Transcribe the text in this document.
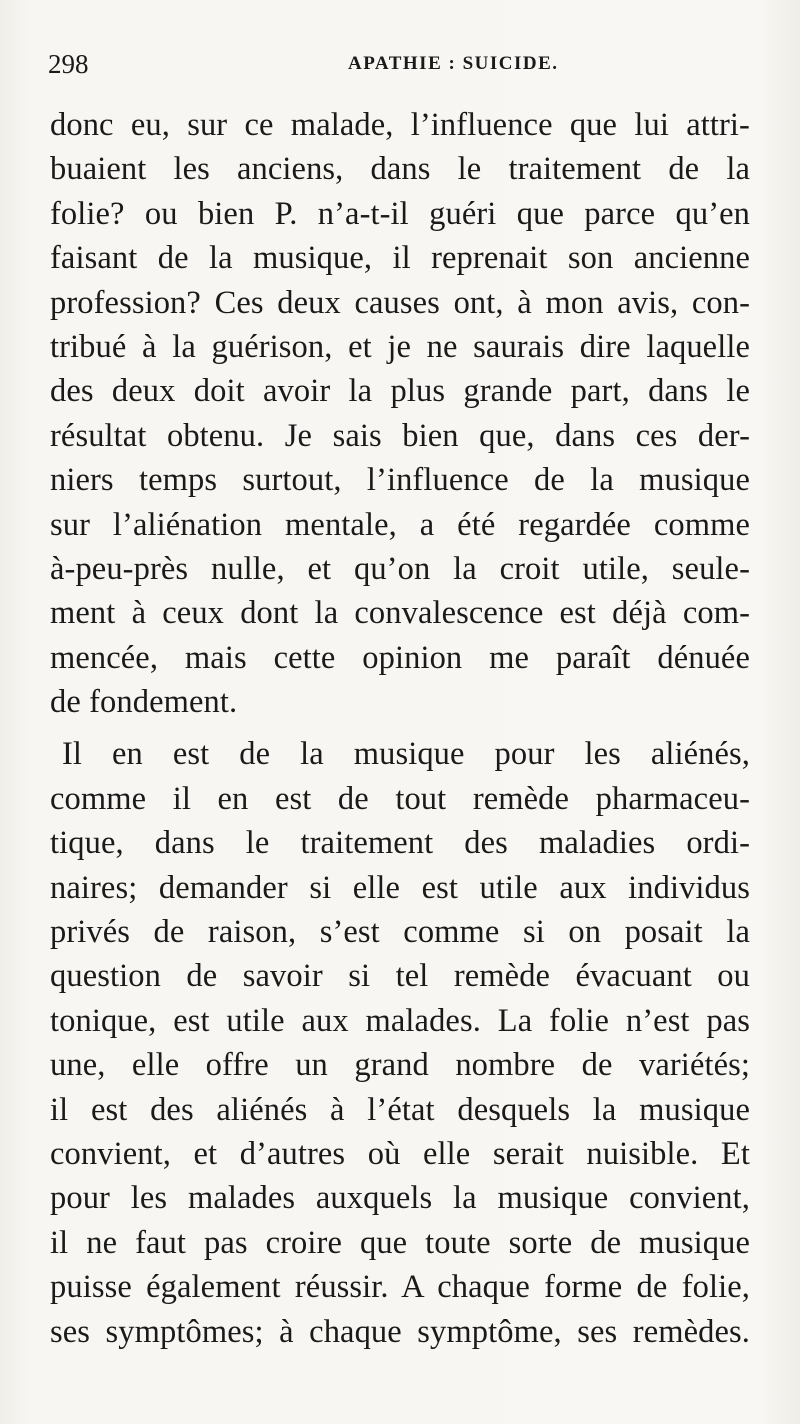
298	APATHIE : SUICIDE.
donc eu, sur ce malade, l’influence que lui attri-
buaient les anciens, dans le traitement de la
folie? ou bien P. n’a-t-il guéri que parce qu’en
faisant de la musique, il reprenait son ancienne
profession? Ces deux causes ont, à mon avis, con-
tribué à la guérison, et je ne saurais dire laquelle
des deux doit avoir la plus grande part, dans le
résultat obtenu. Je sais bien que, dans ces der-
niers temps surtout, l’influence de la musique
sur l’aliénation mentale, a été regardée comme
à-peu-près nulle, et qu’on la croit utile, seule-
ment à ceux dont la convalescence est déjà com-
mencée, mais cette opinion me paraît dénuée
de fondement.
Il en est de la musique pour les aliénés,
comme il en est de tout remède pharmaceu-
tique, dans le traitement des maladies ordi-
naires; demander si elle est utile aux individus
privés de raison, s’est comme si on posait la
question de savoir si tel remède évacuant ou
tonique, est utile aux malades. La folie n’est pas
une, elle offre un grand nombre de variétés;
il est des aliénés à l’état desquels la musique
convient, et d’autres où elle serait nuisible. Et
pour les malades auxquels la musique convient,
il ne faut pas croire que toute sorte de musique
puisse également réussir. A chaque forme de folie,
ses symptômes; à chaque symptôme, ses remèdes.
